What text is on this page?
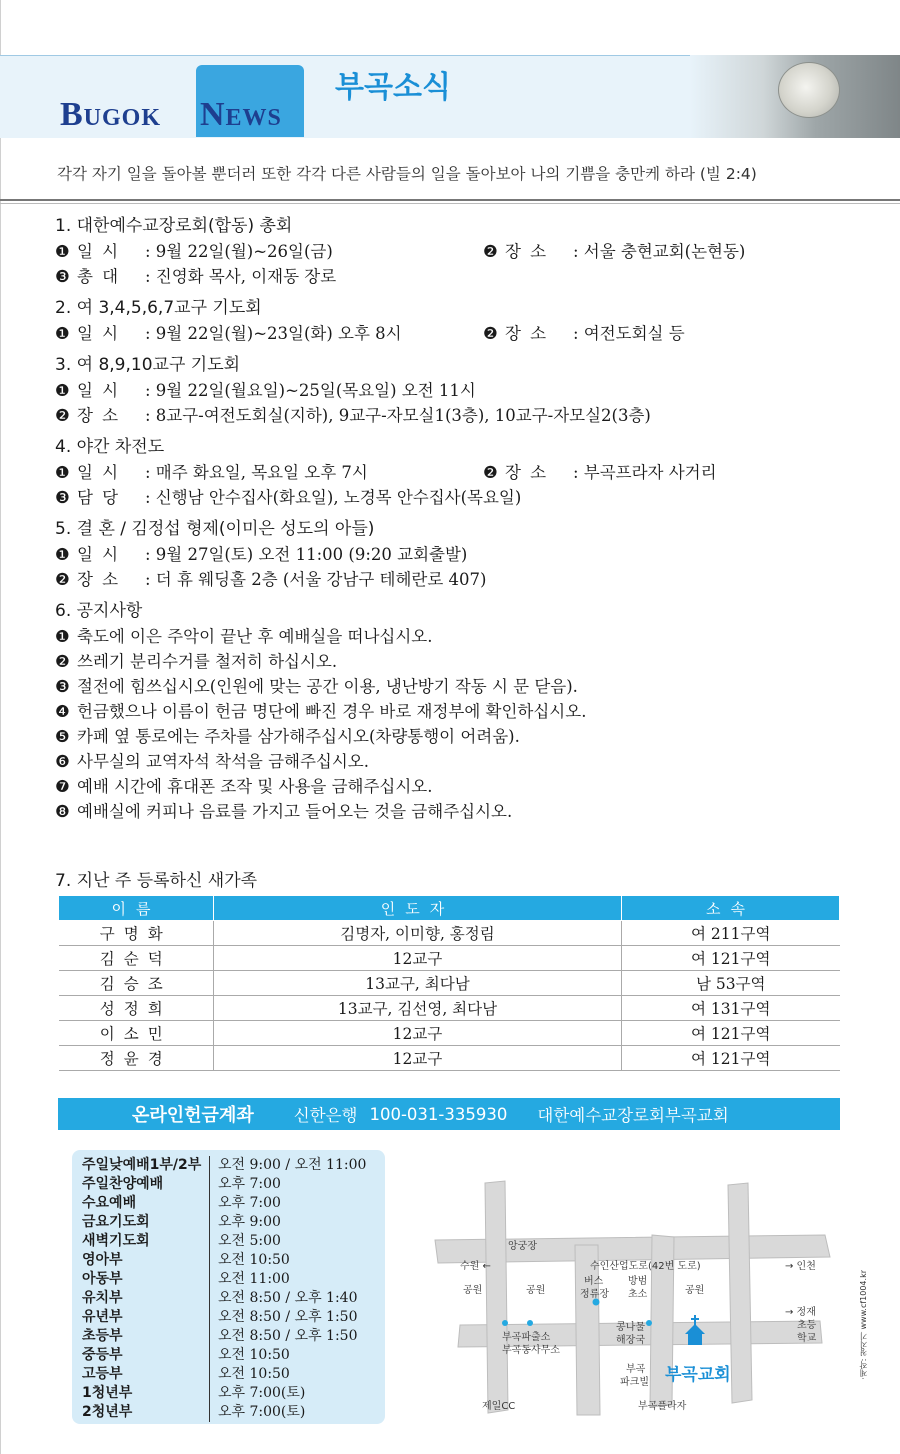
Bugok News
부곡소식
각각 자기 일을 돌아볼 뿐더러 또한 각각 다른 사람들의 일을 돌아보아 나의 기쁨을 충만케 하라 (빌 2:4)
1. 대한예수교장로회(합동) 총회
❶ 일 시 : 9월 22일(월)~26일(금)	❷ 장 소 : 서울 충현교회(논현동)
❸ 총 대 : 진영화 목사, 이재동 장로
2. 여 3,4,5,6,7교구 기도회
❶ 일 시 : 9월 22일(월)~23일(화) 오후 8시	❷ 장 소 : 여전도회실 등
3. 여 8,9,10교구 기도회
❶ 일 시 : 9월 22일(월요일)~25일(목요일) 오전 11시
❷ 장 소 : 8교구-여전도회실(지하), 9교구-자모실1(3층), 10교구-자모실2(3층)
4. 야간 차전도
❶ 일 시 : 매주 화요일, 목요일 오후 7시	❷ 장 소 : 부곡프라자 사거리
❸ 담 당 : 신행남 안수집사(화요일), 노경목 안수집사(목요일)
5. 결 혼 / 김정섭 형제(이미은 성도의 아들)
❶ 일 시 : 9월 27일(토) 오전 11:00 (9:20 교회출발)
❷ 장 소 : 더 휴 웨딩홀 2층 (서울 강남구 테헤란로 407)
6. 공지사항
❶ 축도에 이은 주악이 끝난 후 예배실을 떠나십시오.
❷ 쓰레기 분리수거를 철저히 하십시오.
❸ 절전에 힘쓰십시오(인원에 맞는 공간 이용, 냉난방기 작동 시 문 닫음).
❹ 헌금했으나 이름이 헌금 명단에 빠진 경우 바로 재정부에 확인하십시오.
❺ 카페 옆 통로에는 주차를 삼가해주십시오(차량통행이 어려움).
❻ 사무실의 교역자석 착석을 금해주십시오.
❼ 예배 시간에 휴대폰 조작 및 사용을 금해주십시오.
❽ 예배실에 커피나 음료를 가지고 들어오는 것을 금해주십시오.
7. 지난 주 등록하신 새가족
이름	인도자	소속
구명화	김명자, 이미향, 홍정림	여 211구역
김순덕	12교구	여 121구역
김승조	13교구, 최다남	남 53구역
성정희	13교구, 김선영, 최다남	여 131구역
이소민	12교구	여 121구역
정윤경	12교구	여 121구역
온라인헌금계좌 신한은행 100-031-335930 대한예수교장로회부곡교회
주일낮예배1부/2부 오전 9:00 / 오전 11:00
주일찬양예배	오후 7:00
수요예배	오후 7:00
금요기도회	오후 9:00
새벽기도회	오전 5:00
영아부	오전 10:50
아동부	오전 11:00
유치부	오전 8:50 / 오후 1:40
유년부	오전 8:50 / 오후 1:50
초등부	오전 8:50 / 오후 1:50
중등부	오전 10:50
고등부	오전 10:50
1청년부	오후 7:00(토)
2청년부	오후 7:00(토)
앙궁장
수원 ←	수인산업도로(42번 도로)	→ 인천
공원	공원	공원
버스
정류장
방범
초소
→ 정재
초등
학교
부곡파출소
부곡동사무소
콩나물
해장국
부곡
파크빌 부곡교회
제일CC	부곡플라자
·제작: 청지기 www.cf1004.kr
